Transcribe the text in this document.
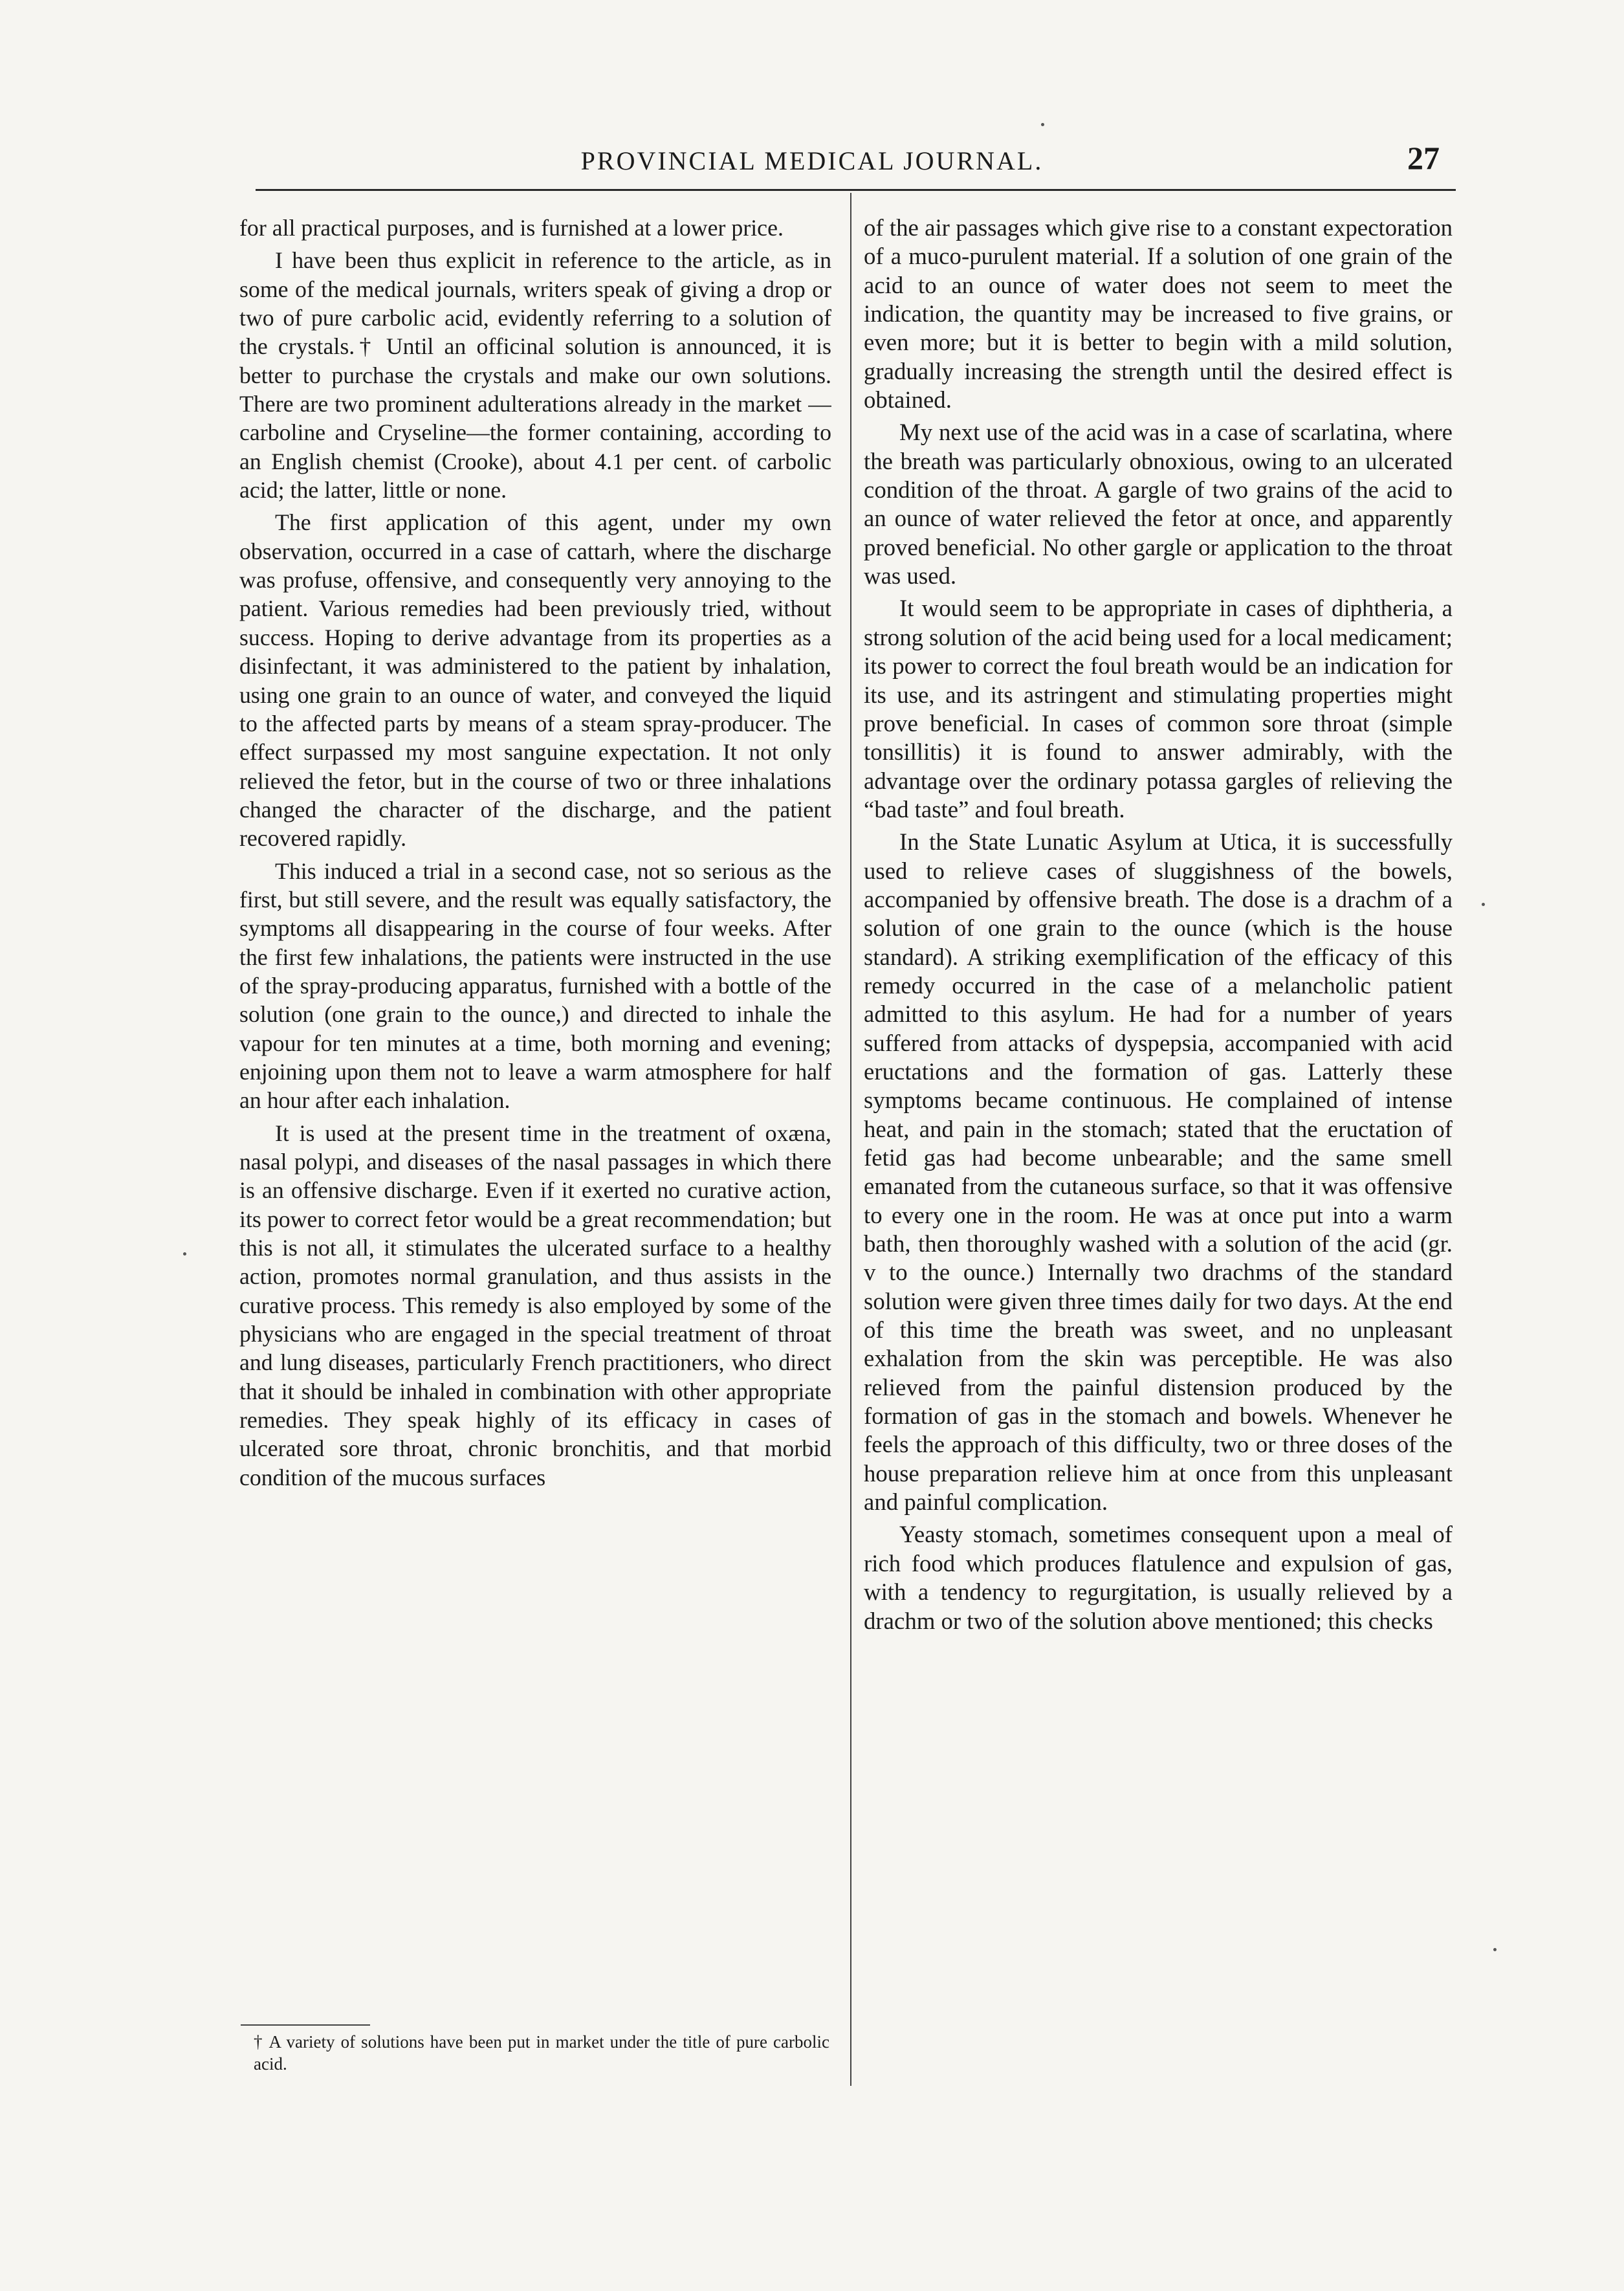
PROVINCIAL MEDICAL JOURNAL.	27

for all practical purposes, and is furnished at a lower price.

I have been thus explicit in reference to the article, as in some of the medical journals, writers speak of giving a drop or two of pure carbolic acid, evidently referring to a solution of the crystals.† Until an officinal solution is announced, it is better to purchase the crystals and make our own solutions. There are two prominent adulterations already in the market —carboline and Cryseline—the former containing, according to an English chemist (Crooke), about 4.1 per cent. of carbolic acid; the latter, little or none.

The first application of this agent, under my own observation, occurred in a case of cattarh, where the discharge was profuse, offensive, and consequently very annoying to the patient. Various remedies had been previously tried, without success. Hoping to derive advantage from its properties as a disinfectant, it was administered to the patient by inhalation, using one grain to an ounce of water, and conveyed the liquid to the affected parts by means of a steam spray-producer. The effect surpassed my most sanguine expectation. It not only relieved the fetor, but in the course of two or three inhalations changed the character of the discharge, and the patient recovered rapidly.

This induced a trial in a second case, not so serious as the first, but still severe, and the result was equally satisfactory, the symptoms all disappearing in the course of four weeks. After the first few inhalations, the patients were instructed in the use of the spray-producing apparatus, furnished with a bottle of the solution (one grain to the ounce,) and directed to inhale the vapour for ten minutes at a time, both morning and evening; enjoining upon them not to leave a warm atmosphere for half an hour after each inhalation.

It is used at the present time in the treatment of oxæna, nasal polypi, and diseases of the nasal passages in which there is an offensive discharge. Even if it exerted no curative action, its power to correct fetor would be a great recommendation; but this is not all, it stimulates the ulcerated surface to a healthy action, promotes normal granulation, and thus assists in the curative process. This remedy is also employed by some of the physicians who are engaged in the special treatment of throat and lung diseases, particularly French practitioners, who direct that it should be inhaled in combination with other appropriate remedies. They speak highly of its efficacy in cases of ulcerated sore throat, chronic bronchitis, and that morbid condition of the mucous surfaces

† A variety of solutions have been put in market under the title of pure carbolic acid.

of the air passages which give rise to a constant expectoration of a muco-purulent material. If a solution of one grain of the acid to an ounce of water does not seem to meet the indication, the quantity may be increased to five grains, or even more; but it is better to begin with a mild solution, gradually increasing the strength until the desired effect is obtained.

My next use of the acid was in a case of scarlatina, where the breath was particularly obnoxious, owing to an ulcerated condition of the throat. A gargle of two grains of the acid to an ounce of water relieved the fetor at once, and apparently proved beneficial. No other gargle or application to the throat was used.

It would seem to be appropriate in cases of diphtheria, a strong solution of the acid being used for a local medicament; its power to correct the foul breath would be an indication for its use, and its astringent and stimulating properties might prove beneficial. In cases of common sore throat (simple tonsillitis) it is found to answer admirably, with the advantage over the ordinary potassa gargles of relieving the “bad taste” and foul breath.

In the State Lunatic Asylum at Utica, it is successfully used to relieve cases of sluggishness of the bowels, accompanied by offensive breath. The dose is a drachm of a solution of one grain to the ounce (which is the house standard). A striking exemplification of the efficacy of this remedy occurred in the case of a melancholic patient admitted to this asylum. He had for a number of years suffered from attacks of dyspepsia, accompanied with acid eructations and the formation of gas. Latterly these symptoms became continuous. He complained of intense heat, and pain in the stomach; stated that the eructation of fetid gas had become unbearable; and the same smell emanated from the cutaneous surface, so that it was offensive to every one in the room. He was at once put into a warm bath, then thoroughly washed with a solution of the acid (gr. v to the ounce.) Internally two drachms of the standard solution were given three times daily for two days. At the end of this time the breath was sweet, and no unpleasant exhalation from the skin was perceptible. He was also relieved from the painful distension produced by the formation of gas in the stomach and bowels. Whenever he feels the approach of this difficulty, two or three doses of the house preparation relieve him at once from this unpleasant and painful complication.

Yeasty stomach, sometimes consequent upon a meal of rich food which produces flatulence and expulsion of gas, with a tendency to regurgitation, is usually relieved by a drachm or two of the solution above mentioned; this checks
